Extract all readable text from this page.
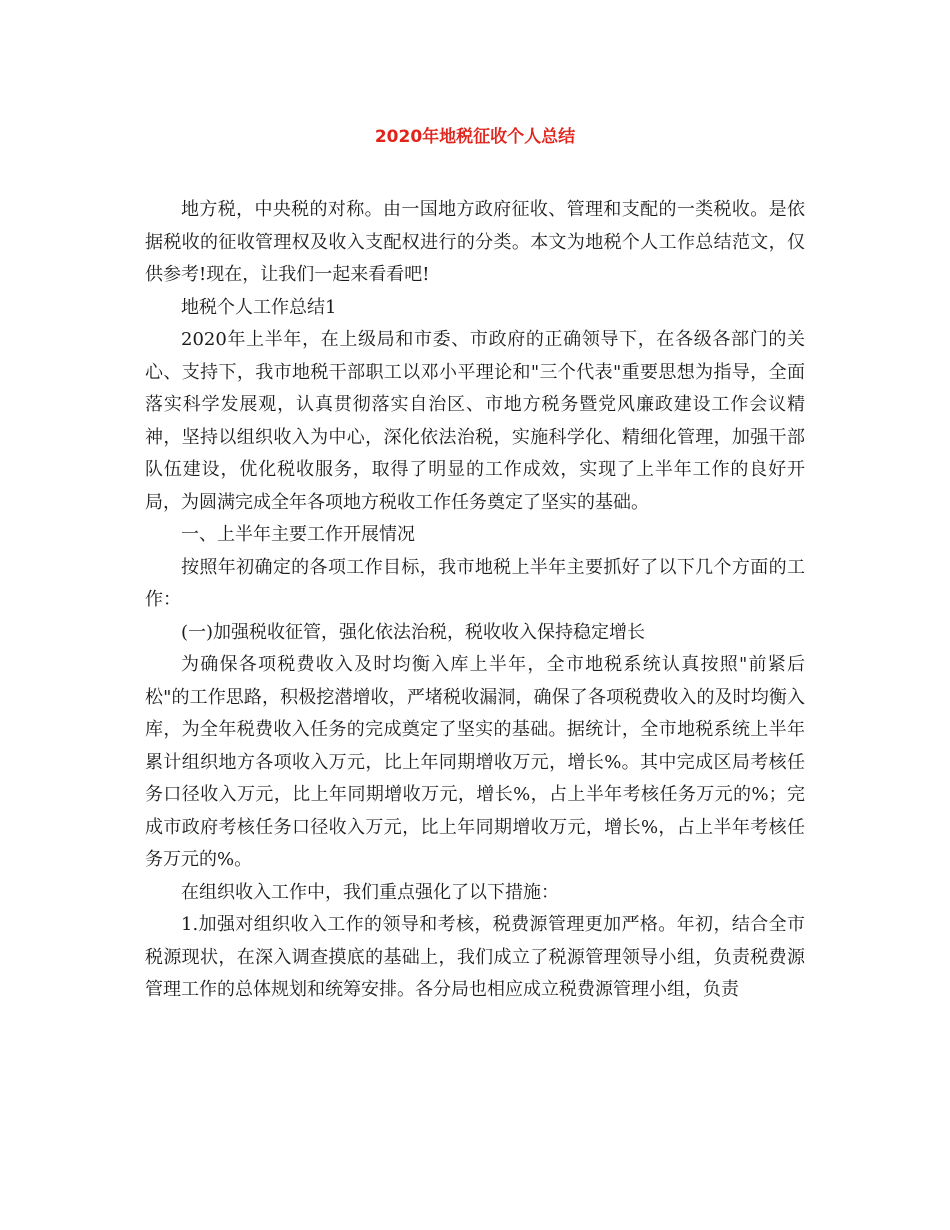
2020年地税征收个人总结

地方税，中央税的对称。由一国地方政府征收、管理和支配的一类税收。是依据税收的征收管理权及收入支配权进行的分类。本文为地税个人工作总结范文，仅供参考!现在，让我们一起来看看吧!

地税个人工作总结1

2020年上半年，在上级局和市委、市政府的正确领导下，在各级各部门的关心、支持下，我市地税干部职工以邓小平理论和"三个代表"重要思想为指导，全面落实科学发展观，认真贯彻落实自治区、市地方税务暨党风廉政建设工作会议精神，坚持以组织收入为中心，深化依法治税，实施科学化、精细化管理，加强干部队伍建设，优化税收服务，取得了明显的工作成效，实现了上半年工作的良好开局，为圆满完成全年各项地方税收工作任务奠定了坚实的基础。

一、上半年主要工作开展情况

按照年初确定的各项工作目标，我市地税上半年主要抓好了以下几个方面的工作：

(一)加强税收征管，强化依法治税，税收收入保持稳定增长

为确保各项税费收入及时均衡入库上半年，全市地税系统认真按照"前紧后松"的工作思路，积极挖潜增收，严堵税收漏洞，确保了各项税费收入的及时均衡入库，为全年税费收入任务的完成奠定了坚实的基础。据统计，全市地税系统上半年累计组织地方各项收入万元，比上年同期增收万元，增长%。其中完成区局考核任务口径收入万元，比上年同期增收万元，增长%，占上半年考核任务万元的%；完成市政府考核任务口径收入万元，比上年同期增收万元，增长%，占上半年考核任务万元的%。

在组织收入工作中，我们重点强化了以下措施：

1.加强对组织收入工作的领导和考核，税费源管理更加严格。年初，结合全市税源现状，在深入调查摸底的基础上，我们成立了税源管理领导小组，负责税费源管理工作的总体规划和统筹安排。各分局也相应成立税费源管理小组，负责
